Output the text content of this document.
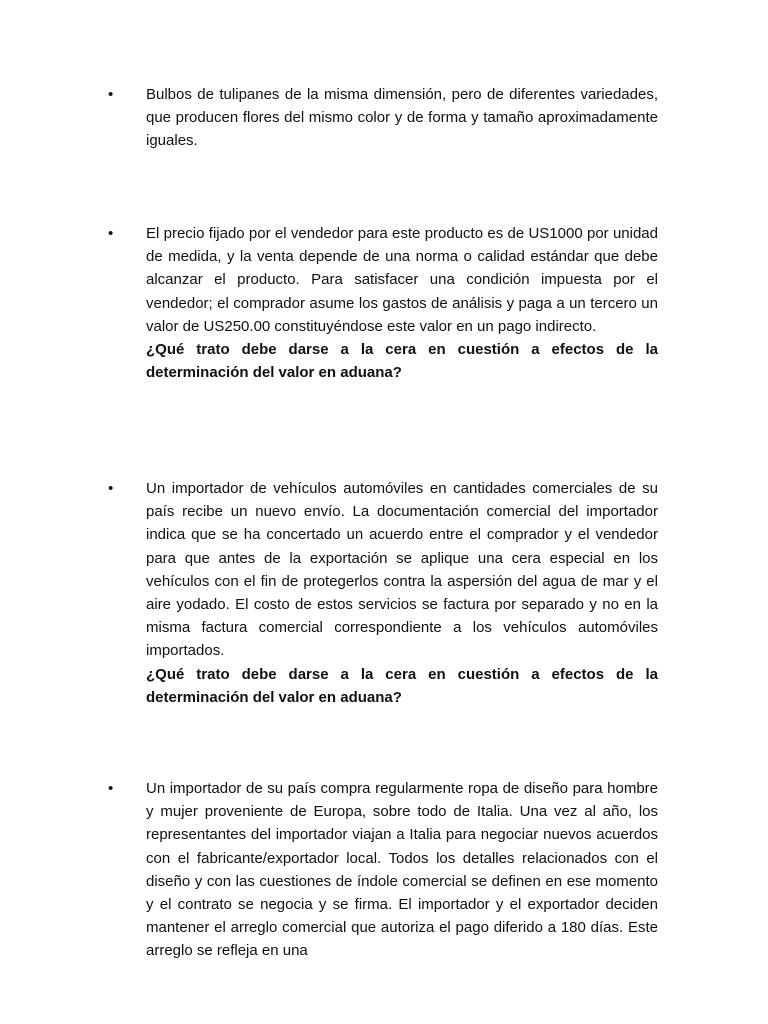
• Bulbos de tulipanes de la misma dimensión, pero de diferentes variedades, que producen flores del mismo color y de forma y tamaño aproximadamente iguales.

• El precio fijado por el vendedor para este producto es de US1000 por unidad de medida, y la venta depende de una norma o calidad estándar que debe alcanzar el producto. Para satisfacer una condición impuesta por el vendedor; el comprador asume los gastos de análisis y paga a un tercero un valor de US250.00 constituyéndose este valor en un pago indirecto.

¿Qué trato debe darse a la cera en cuestión a efectos de la determinación del valor en aduana?

• Un importador de vehículos automóviles en cantidades comerciales de su país recibe un nuevo envío. La documentación comercial del importador indica que se ha concertado un acuerdo entre el comprador y el vendedor para que antes de la exportación se aplique una cera especial en los vehículos con el fin de protegerlos contra la aspersión del agua de mar y el aire yodado. El costo de estos servicios se factura por separado y no en la misma factura comercial correspondiente a los vehículos automóviles importados.

¿Qué trato debe darse a la cera en cuestión a efectos de la determinación del valor en aduana?

• Un importador de su país compra regularmente ropa de diseño para hombre y mujer proveniente de Europa, sobre todo de Italia. Una vez al año, los representantes del importador viajan a Italia para negociar nuevos acuerdos con el fabricante/exportador local. Todos los detalles relacionados con el diseño y con las cuestiones de índole comercial se definen en ese momento y el contrato se negocia y se firma. El importador y el exportador deciden mantener el arreglo comercial que autoriza el pago diferido a 180 días. Este arreglo se refleja en una
